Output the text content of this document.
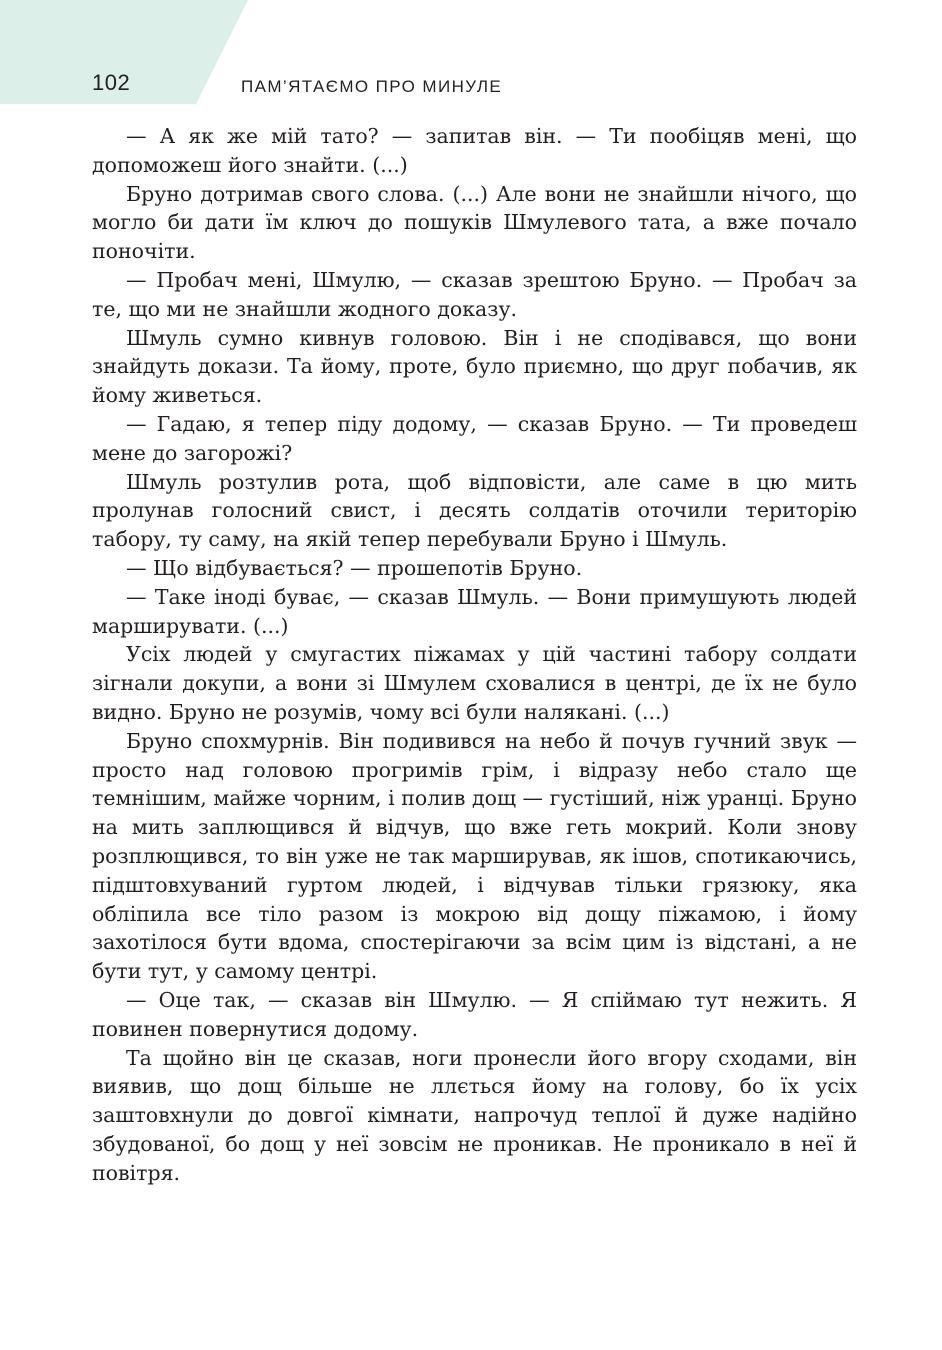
102	ПАМ’ЯТАЄМО ПРО МИНУЛЕ

— А як же мій тато? — запитав він. — Ти пообіцяв мені, що допоможеш його знайти. (...)

Бруно дотримав свого слова. (...) Але вони не знайшли нічого, що могло би дати їм ключ до пошуків Шмулевого тата, а вже почало поночіти.

— Пробач мені, Шмулю, — сказав зрештою Бруно. — Пробач за те, що ми не знайшли жодного доказу.

Шмуль сумно кивнув головою. Він і не сподівався, що вони знайдуть докази. Та йому, проте, було приємно, що друг побачив, як йому живеться.

— Гадаю, я тепер піду додому, — сказав Бруно. — Ти проведеш мене до загорожі?

Шмуль розтулив рота, щоб відповісти, але саме в цю мить пролунав голосний свист, і десять солдатів оточили територію табору, ту саму, на якій тепер перебували Бруно і Шмуль.

— Що відбувається? — прошепотів Бруно.

— Таке іноді буває, — сказав Шмуль. — Вони примушують людей марширувати. (...)

Усіх людей у смугастих піжамах у цій частині табору солдати зігнали докупи, а вони зі Шмулем сховалися в центрі, де їх не було видно. Бруно не розумів, чому всі були налякані. (...)

Бруно спохмурнів. Він подивився на небо й почув гучний звук — просто над головою прогримів грім, і відразу небо стало ще темнішим, майже чорним, і полив дощ — густіший, ніж уранці. Бруно на мить заплющився й відчув, що вже геть мокрий. Коли знову розплющився, то він уже не так марширував, як ішов, спотикаючись, підштовхуваний гуртом людей, і відчував тільки грязюку, яка обліпила все тіло разом із мокрою від дощу піжамою, і йому захотілося бути вдома, спостерігаючи за всім цим із відстані, а не бути тут, у самому центрі.

— Оце так, — сказав він Шмулю. — Я спіймаю тут нежить. Я повинен повернутися додому.

Та щойно він це сказав, ноги пронесли його вгору сходами, він виявив, що дощ більше не ллється йому на голову, бо їх усіх заштовхнули до довгої кімнати, напрочуд теплої й дуже надійно збудованої, бо дощ у неї зовсім не проникав. Не проникало в неї й повітря.
